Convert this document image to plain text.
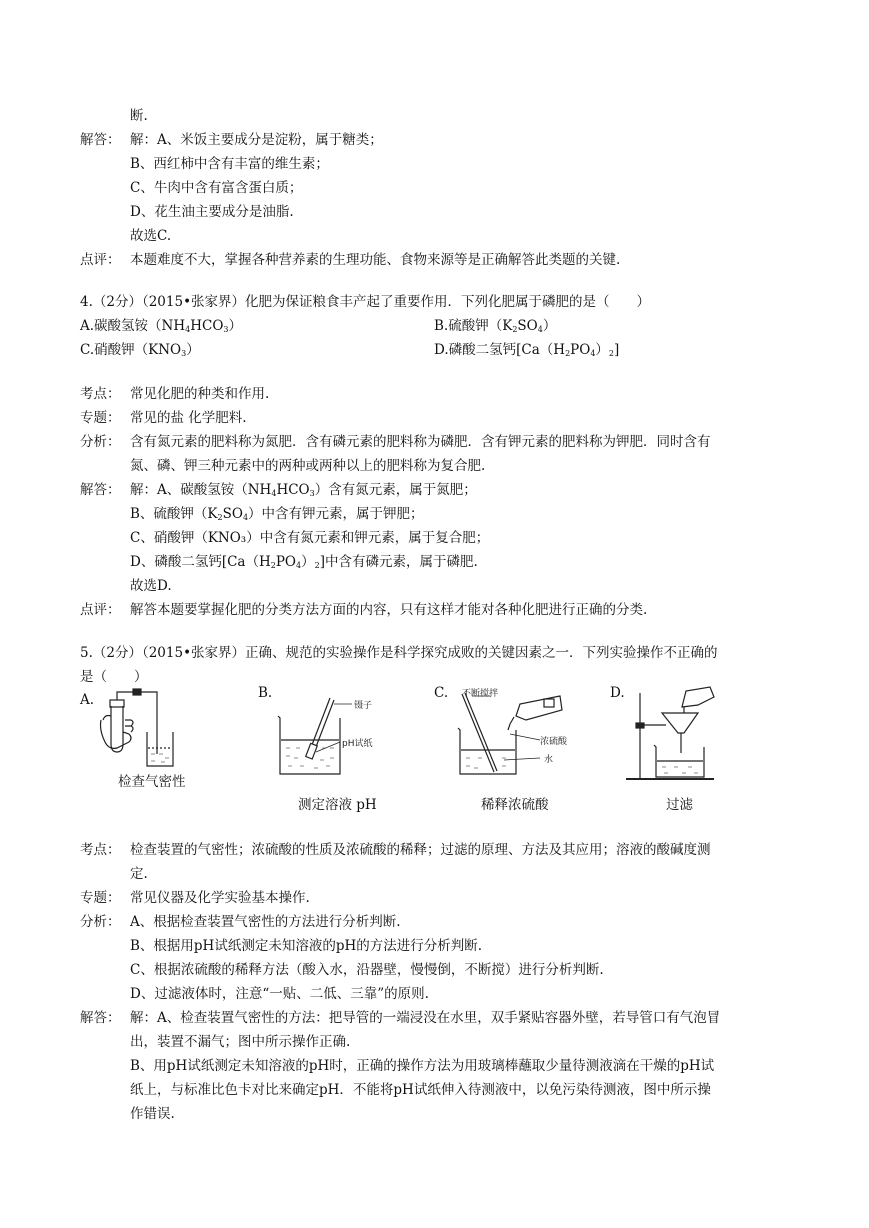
断.
解答： 解：A、米饭主要成分是淀粉，属于糖类；
B、西红柿中含有丰富的维生素；
C、牛肉中含有富含蛋白质；
D、花生油主要成分是油脂.
故选C.
点评： 本题难度不大，掌握各种营养素的生理功能、食物来源等是正确解答此类题的关键.
4.（2分）（2015•张家界）化肥为保证粮食丰产起了重要作用．下列化肥属于磷肥的是（　　）
A.碳酸氢铵$(NH_4HCO_3)$	B.硫酸钾$(K_2SO_4)$
C.硝酸钾$(KNO_3)$	D.磷酸二氢钙$[Ca(H_2PO_4)_2]$
考点： 常见化肥的种类和作用.
专题： 常见的盐 化学肥料.
分析： 含有氮元素的肥料称为氮肥．含有磷元素的肥料称为磷肥．含有钾元素的肥料称为钾肥．同时含有
氮、磷、钾三种元素中的两种或两种以上的肥料称为复合肥.
解答： 解：A、碳酸氢铵$(NH_4HCO_3)$含有氮元素，属于氮肥；
B、硫酸钾$(K_2SO_4)$中含有钾元素，属于钾肥；
C、硝酸钾（KNO₃）中含有氮元素和钾元素，属于复合肥；
D、磷酸二氢钙$[Ca(H_2PO_4)_2]$中含有磷元素，属于磷肥.
故选D.
点评： 解答本题要掌握化肥的分类方法方面的内容，只有这样才能对各种化肥进行正确的分类.
5.（2分）（2015•张家界）正确、规范的实验操作是科学探究成败的关键因素之一．下列实验操作不正确的
是（　　）
A.
检查气密性
B.
镊子
pH试纸
测定溶液 pH
C. 不断搅拌
浓硫酸
水
稀释浓硫酸
D.
过滤
考点： 检查装置的气密性；浓硫酸的性质及浓硫酸的稀释；过滤的原理、方法及其应用；溶液的酸碱度测
定.
专题： 常见仪器及化学实验基本操作.
分析： A、根据检查装置气密性的方法进行分析判断.
B、根据用pH试纸测定未知溶液的pH的方法进行分析判断.
C、根据浓硫酸的稀释方法（酸入水，沿器壁，慢慢倒，不断搅）进行分析判断.
D、过滤液体时，注意“一贴、二低、三靠”的原则.
解答： 解：A、检查装置气密性的方法：把导管的一端浸没在水里，双手紧贴容器外壁，若导管口有气泡冒
出，装置不漏气；图中所示操作正确.
B、用pH试纸测定未知溶液的pH时，正确的操作方法为用玻璃棒蘸取少量待测液滴在干燥的pH试
纸上，与标准比色卡对比来确定pH．不能将pH试纸伸入待测液中，以免污染待测液，图中所示操
作错误.
